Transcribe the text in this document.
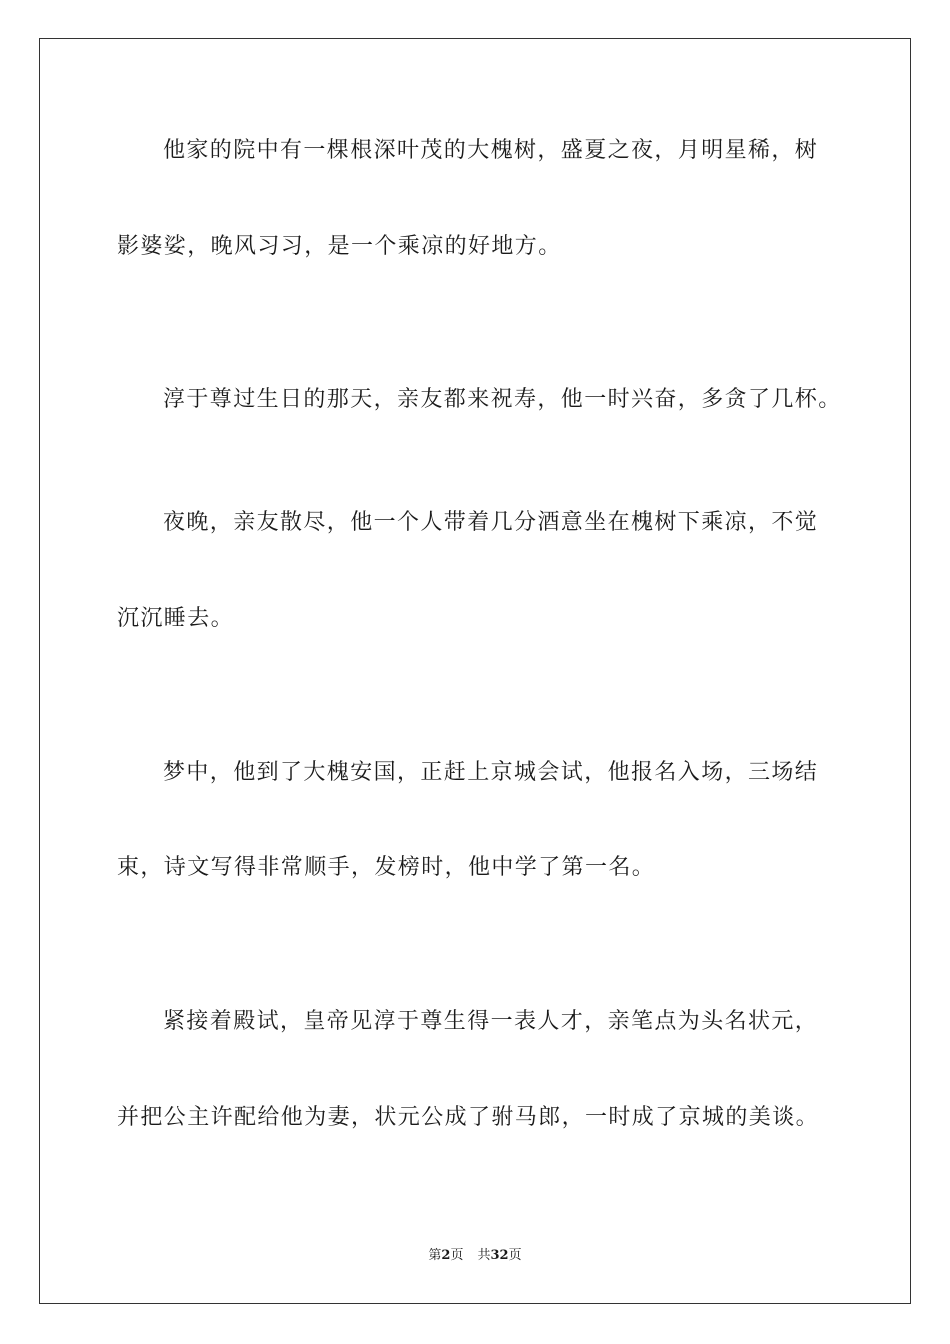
他家的院中有一棵根深叶茂的大槐树，盛夏之夜，月明星稀，树
影婆娑，晚风习习，是一个乘凉的好地方。
淳于尊过生日的那天，亲友都来祝寿，他一时兴奋，多贪了几杯。
夜晚，亲友散尽，他一个人带着几分酒意坐在槐树下乘凉，不觉
沉沉睡去。
梦中，他到了大槐安国，正赶上京城会试，他报名入场，三场结
束，诗文写得非常顺手，发榜时，他中学了第一名。
紧接着殿试，皇帝见淳于尊生得一表人才，亲笔点为头名状元，
并把公主许配给他为妻，状元公成了驸马郎，一时成了京城的美谈。
第2页 共32页
